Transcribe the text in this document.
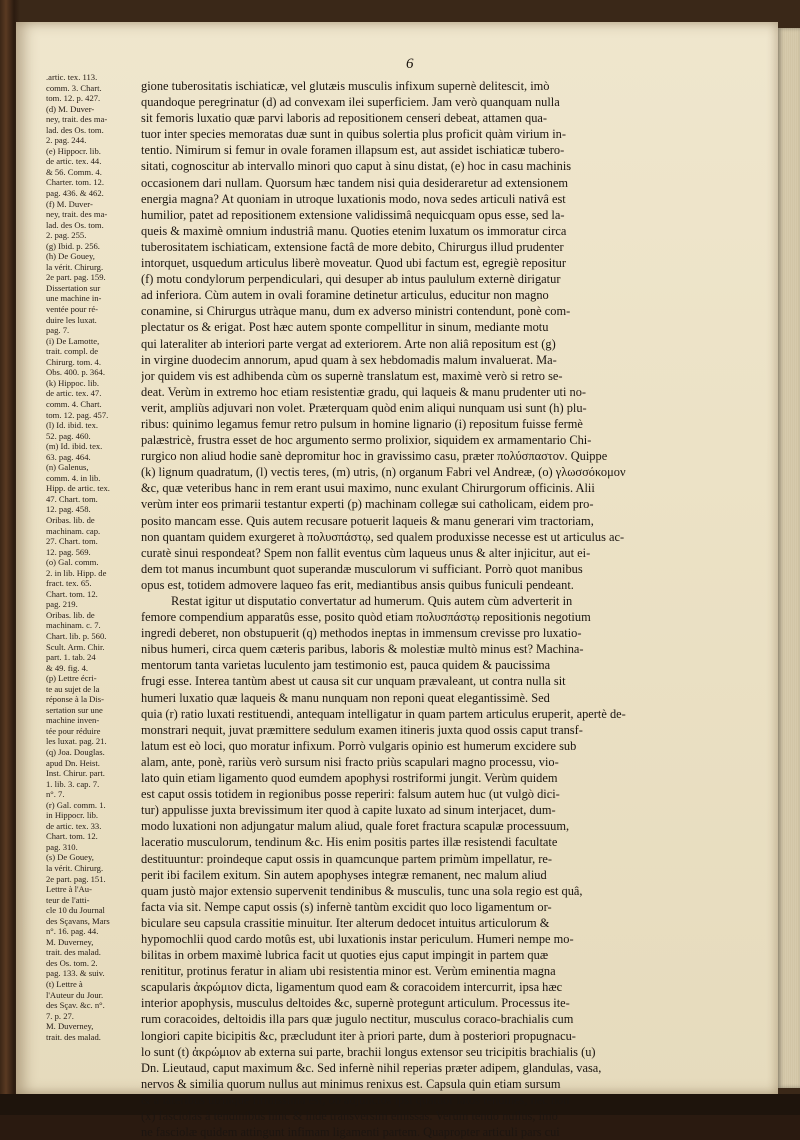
6
.artic. tex. 113.
comm. 3. Chart.
tom. 12. p. 427.
(d) M. Duver-
ney, trait. des ma-
lad. des Os. tom.
2. pag. 244.
(e) Hippocr. lib.
de artic. tex. 44.
& 56. Comm. 4.
Charter. tom. 12.
pag. 436. & 462.
(f) M. Duver-
ney, trait. des ma-
lad. des Os. tom.
2. pag. 255.
(g) Ibid. p. 256.
(h) De Gouey,
la vérit. Chirurg.
2e part. pag. 159.
Dissertation sur
une machine in-
ventée pour ré-
duire les luxat.
pag. 7.
(i) De Lamotte,
trait. compl. de
Chirurg. tom. 4.
Obs. 400. p. 364.
(k) Hippoc. lib.
de artic. tex. 47.
comm. 4. Chart.
tom. 12. pag. 457.
(l) Id. ibid. tex.
52. pag. 460.
(m) Id. ibid. tex.
63. pag. 464.
(n) Galenus,
comm. 4. in lib.
Hipp. de artic. tex.
47. Chart. tom.
12. pag. 458.
Oribas. lib. de
machinam. cap.
27. Chart. tom.
12. pag. 569.
(o) Gal. comm.
2. in lib. Hipp. de
fract. tex. 65.
Chart. tom. 12.
pag. 219.
Oribas. lib. de
machinam. c. 7.
Chart. lib. p. 560.
Scult. Arm. Chir.
part. 1. tab. 24
& 49. fig. 4.
(p) Lettre écri-
te au sujet de la
réponse à la Dis-
sertation sur une
machine inven-
tée pour réduire
les luxat. pag. 21.
(q) Joa. Douglas.
apud Dn. Heist.
Inst. Chirur. part.
1. lib. 3. cap. 7.
n°. 7.
(r) Gal. comm. 1.
in Hippocr. lib.
de artic. tex. 33.
Chart. tom. 12.
pag. 310.
(s) De Gouey,
la vérit. Chirurg.
2e part. pag. 151.
Lettre à l'Au-
teur de l'atti-
cle 10 du Journal
des Sçavans, Mars
n°. 16. pag. 44.
M. Duverney,
trait. des malad.
des Os. tom. 2.
pag. 133. & suiv.
(t) Lettre à
l'Auteur du Jour.
des Sçav. &c. n°.
7. p. 27.
M. Duverney,
trait. des malad.
gione tuberositatis ischiaticæ, vel glutæis musculis infixum supernè delitescit, imò
quandoque peregrinatur (d) ad convexam ilei superficiem. Jam verò quanquam nulla
sit femoris luxatio quæ parvi laboris ad repositionem censeri debeat, attamen qua-
tuor inter species memoratas duæ sunt in quibus solertia plus proficit quàm virium in-
tentio. Nimirum si femur in ovale foramen illapsum est, aut assidet ischiaticæ tubero-
sitati, cognoscitur ab intervallo minori quo caput à sinu distat, (e) hoc in casu machinis
occasionem dari nullam. Quorsum hæc tandem nisi quia desideraretur ad extensionem
energia magna? At quoniam in utroque luxationis modo, nova sedes articuli nativâ est
humilior, patet ad repositionem extensione validissimâ nequicquam opus esse, sed la-
queis & maximè omnium industriâ manu. Quoties etenim luxatum os immoratur circa
tuberositatem ischiaticam, extensione factâ de more debito, Chirurgus illud prudenter
intorquet, usquedum articulus liberè moveatur. Quod ubi factum est, egregiè repositur
(f) motu condylorum perpendiculari, qui desuper ab intus paululum externè dirigatur
ad inferiora. Cùm autem in ovali foramine detinetur articulus, educitur non magno
conamine, si Chirurgus utràque manu, dum ex adverso ministri contendunt, ponè com-
plectatur os & erigat. Post hæc autem sponte compellitur in sinum, mediante motu
qui lateraliter ab interiori parte vergat ad exteriorem. Arte non aliâ repositum est (g)
in virgine duodecim annorum, apud quam à sex hebdomadis malum invaluerat. Ma-
jor quidem vis est adhibenda cùm os supernè translatum est, maximè verò si retro se-
deat. Verùm in extremo hoc etiam resistentiæ gradu, qui laqueis & manu prudenter uti no-
verit, ampliùs adjuvari non volet. Præterquam quòd enim aliqui nunquam usi sunt (h) plu-
ribus: quinimo legamus femur retro pulsum in homine lignario (i) repositum fuisse fermè
palæstricè, frustra esset de hoc argumento sermo prolixior, siquidem ex armamentario Chi-
rurgico non aliud hodie sanè depromitur hoc in gravissimo casu, præter πολύσπαστον. Quippe
(k) lignum quadratum, (l) vectis teres, (m) utris, (n) organum Fabri vel Andreæ, (o) γλωσσόκομον
&c, quæ veteribus hanc in rem erant usui maximo, nunc exulant Chirurgorum officinis. Alii
verùm inter eos primarii testantur experti (p) machinam collegæ sui catholicam, eidem pro-
posito mancam esse. Quis autem recusare potuerit laqueis & manu generari vim tractoriam,
non quantam quidem exurgeret à πολυσπάστῳ, sed qualem produxisse necesse est ut articulus ac-
curatè sinui respondeat? Spem non fallit eventus cùm laqueus unus & alter injicitur, aut ei-
dem tot manus incumbunt quot superandæ musculorum vi sufficiant. Porrò quot manibus
opus est, totidem admovere laqueo fas erit, mediantibus ansis quibus funiculi pendeant.
Restat igitur ut disputatio convertatur ad humerum. Quis autem cùm adverterit in
femore compendium apparatûs esse, posito quòd etiam πολυσπάστῳ repositionis negotium
ingredi deberet, non obstupuerit (q) methodos ineptas in immensum crevisse pro luxatio-
nibus humeri, circa quem cæteris paribus, laboris & molestiæ multò minus est? Machina-
mentorum tanta varietas luculento jam testimonio est, pauca quidem & paucissima
frugi esse. Interea tantùm abest ut causa sit cur unquam prævaleant, ut contra nulla sit
humeri luxatio quæ laqueis & manu nunquam non reponi queat elegantissimè. Sed
quia (r) ratio luxati restituendi, antequam intelligatur in quam partem articulus eruperit, apertè de-
monstrari nequit, juvat præmittere sedulum examen itineris juxta quod ossis caput transf-
latum est eò loci, quo moratur infixum. Porrò vulgaris opinio est humerum excidere sub
alam, ante, ponè, rariùs verò sursum nisi fracto priùs scapulari magno processu, vio-
lato quin etiam ligamento quod eumdem apophysi rostriformi jungit. Verùm quidem
est caput ossis totidem in regionibus posse reperiri: falsum autem huc (ut vulgò dici-
tur) appulisse juxta brevissimum iter quod à capite luxato ad sinum interjacet, dum-
modo luxationi non adjungatur malum aliud, quale foret fractura scapulæ processuum,
laceratio musculorum, tendinum &c. His enim positis partes illæ resistendi facultate
destituuntur: proindeque caput ossis in quamcunque partem primùm impellatur, re-
perit ibi facilem exitum. Sin autem apophyses integræ remanent, nec malum aliud
quam justò major extensio supervenit tendinibus & musculis, tunc una sola regio est quâ,
facta via sit. Nempe caput ossis (s) infernè tantùm excidit quo loco ligamentum or-
biculare seu capsula crassitie minuitur. Iter alterum dedocet intuitus articulorum &
hypomochlii quod cardo motûs est, ubi luxationis instar periculum. Humeri nempe mo-
bilitas in orbem maximè lubrica facit ut quoties ejus caput impingit in partem quæ
renititur, protinus feratur in aliam ubi resistentia minor est. Verùm eminentia magna
scapularis ἀκρώμιον dicta, ligamentum quod eam & coracoidem intercurrit, ipsa hæc
interior apophysis, musculus deltoides &c, supernè protegunt articulum. Processus ite-
rum coracoides, deltoidis illa pars quæ jugulo nectitur, musculus coraco-brachialis cum
longiori capite bicipitis &c, præcludunt iter à priori parte, dum à posteriori propugnacu-
lo sunt (t) ἀκρώμιον ab externa sui parte, brachii longus extensor seu tricipitis brachialis (u)
Dn. Lieutaud, caput maximum &c. Sed infernè nihil reperias præter adipem, glandulas, vasa,
nervos & similia quorum nullus aut minimus renixus est. Capsula quin etiam sursum
& à lateribus utrinque firmissima est, ob adjunctos ipsi quatuor latos tendines, nec non
(x) fasciolas à tendinibus hinc & inde transversim emissas. Verùm tendo nullus, imò
ne fasciolæ quidem attingunt infimam ligamenti partem. Quapropter articuli pars cui
